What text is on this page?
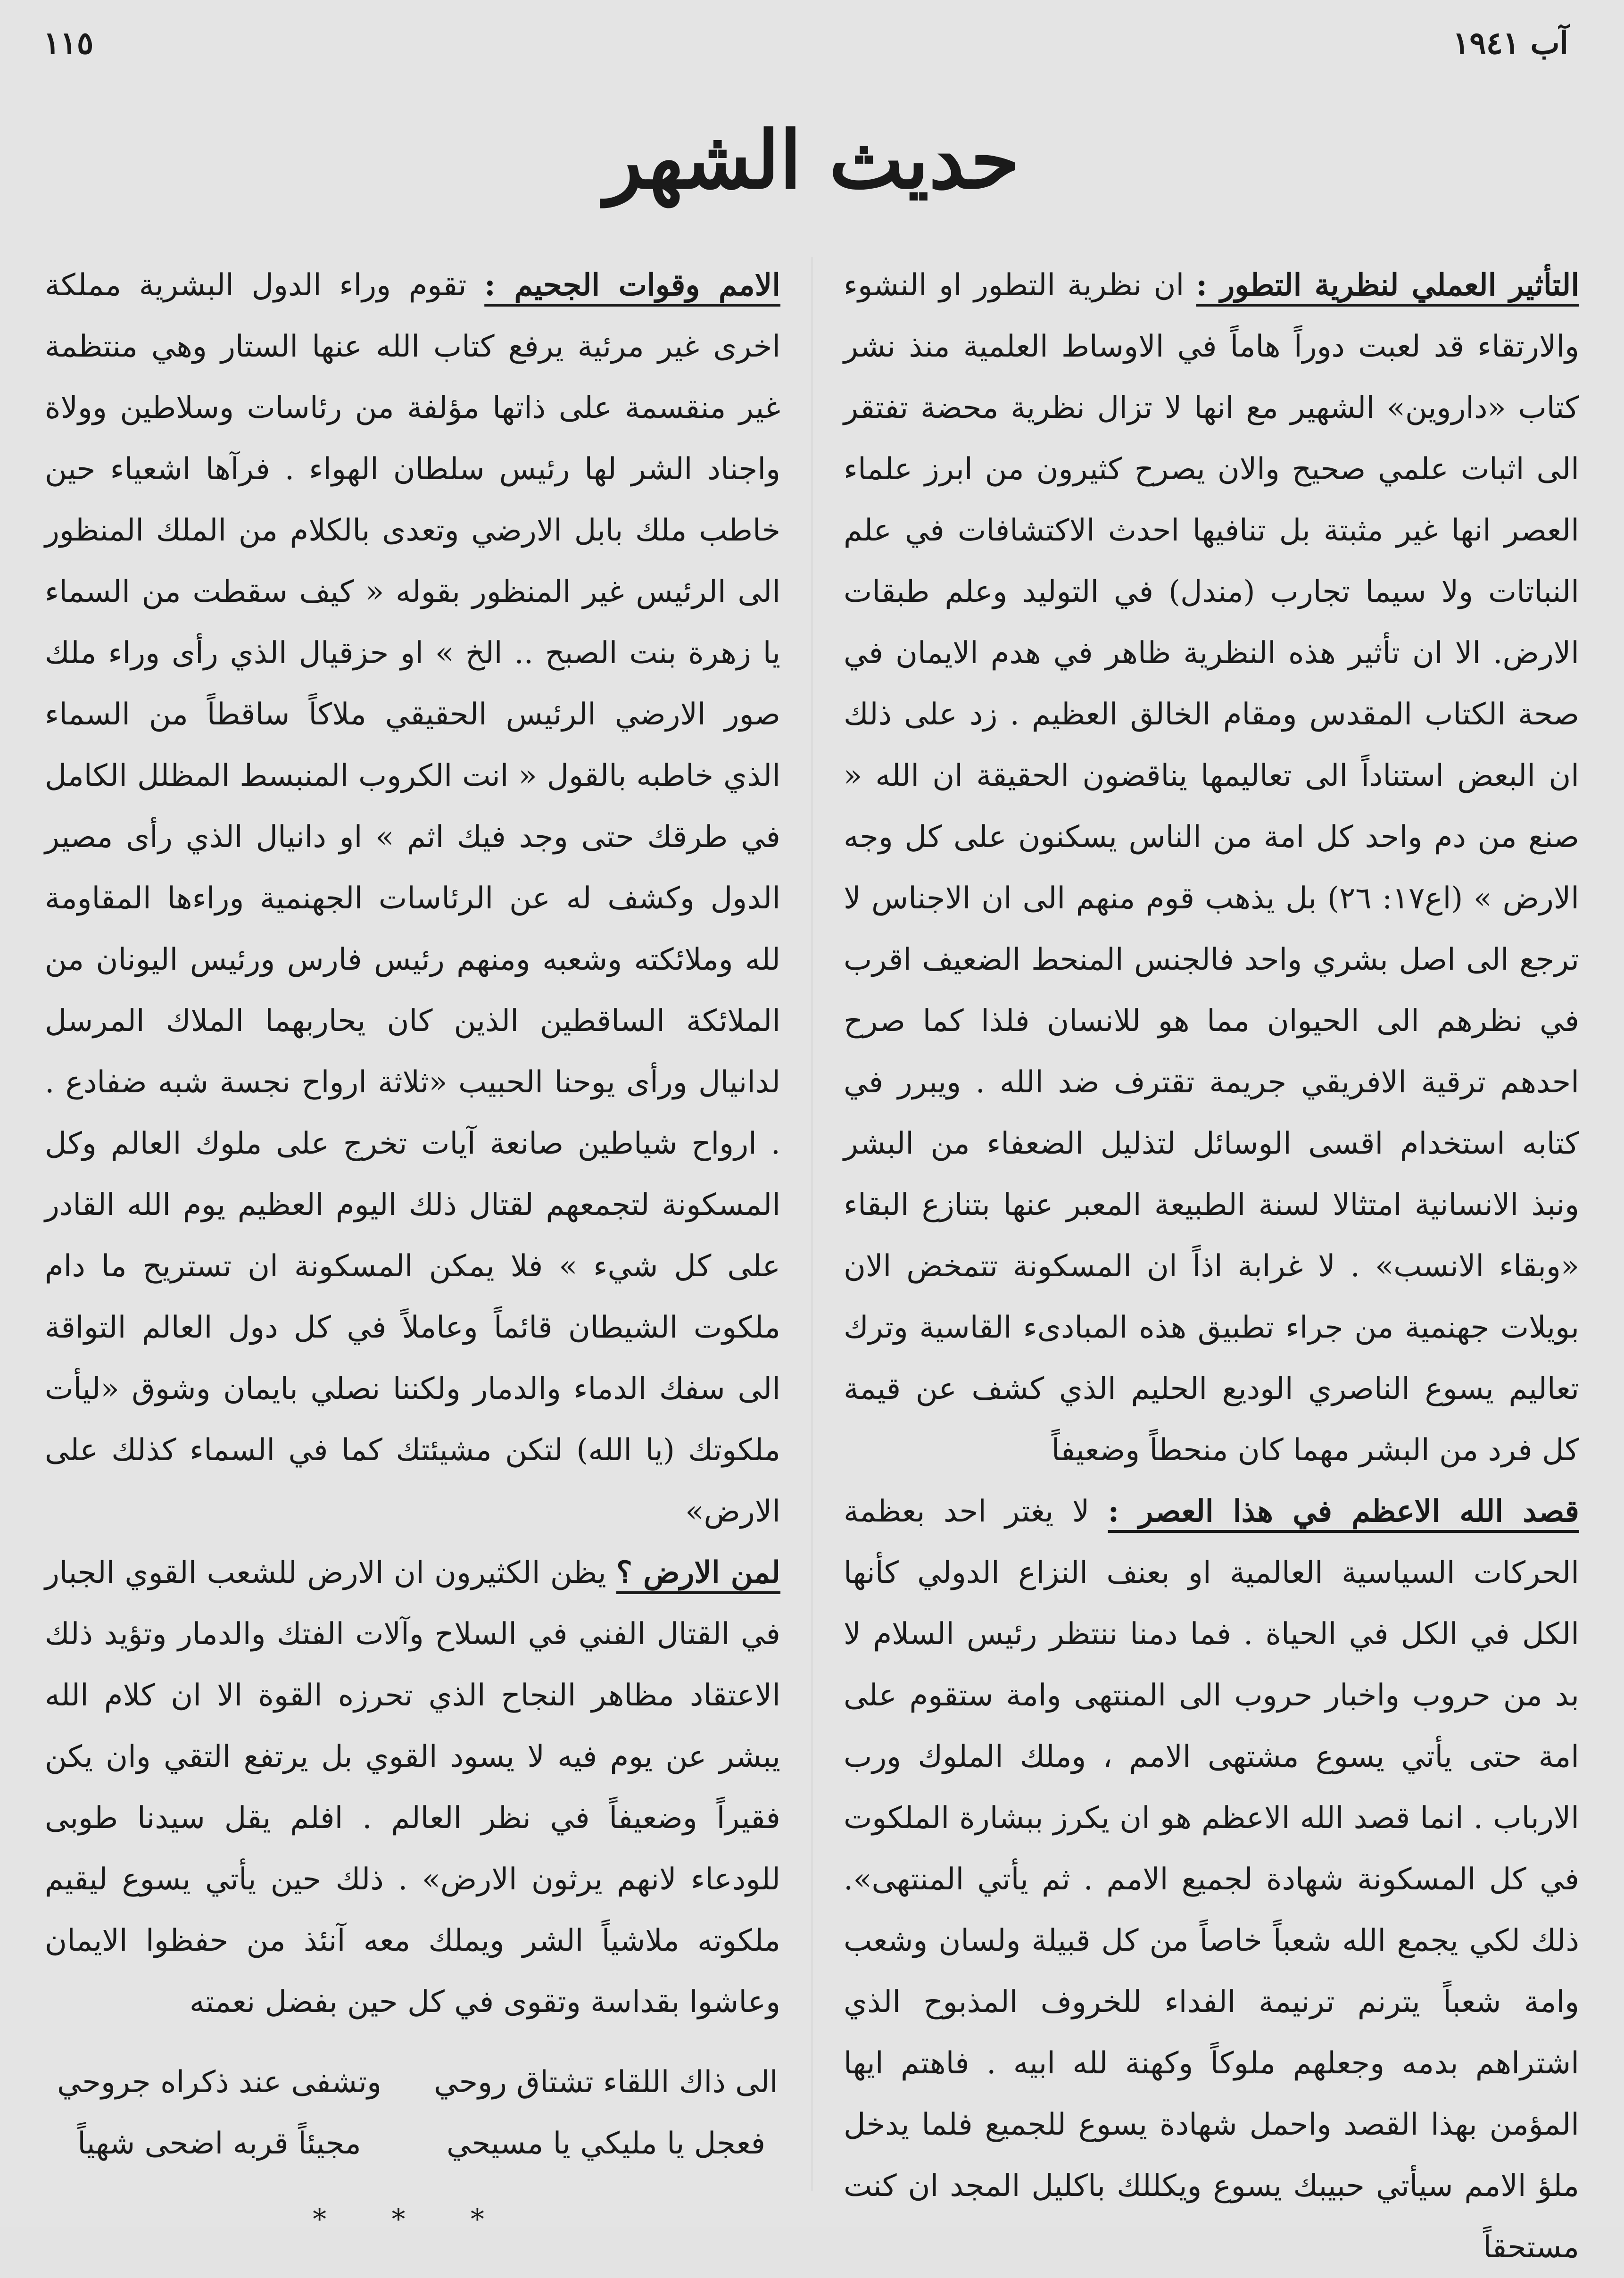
١١٥	آب ١٩٤١
حديث الشهر

التأثير العملي لنظرية التطور : ان نظرية التطور او النشوء والارتقاء قد لعبت دوراً هاماً في الاوساط العلمية منذ نشر كتاب «داروين» الشهير مع انها لا تزال نظرية محضة تفتقر الى اثبات علمي صحيح والان يصرح كثيرون من ابرز علماء العصر انها غير مثبتة بل تنافيها احدث الاكتشافات في علم النباتات ولا سيما تجارب (مندل) في التوليد وعلم طبقات الارض. الا ان تأثير هذه النظرية ظاهر في هدم الايمان في صحة الكتاب المقدس ومقام الخالق العظيم . زد على ذلك ان البعض استناداً الى تعاليمها يناقضون الحقيقة ان الله « صنع من دم واحد كل امة من الناس يسكنون على كل وجه الارض » (اع١٧: ٢٦) بل يذهب قوم منهم الى ان الاجناس لا ترجع الى اصل بشري واحد فالجنس المنحط الضعيف اقرب في نظرهم الى الحيوان مما هو للانسان فلذا كما صرح احدهم ترقية الافريقي جريمة تقترف ضد الله . ويبرر في كتابه استخدام اقسى الوسائل لتذليل الضعفاء من البشر ونبذ الانسانية امتثالا لسنة الطبيعة المعبر عنها بتنازع البقاء «وبقاء الانسب» . لا غرابة اذاً ان المسكونة تتمخض الان بويلات جهنمية من جراء تطبيق هذه المبادىء القاسية وترك تعاليم يسوع الناصري الوديع الحليم الذي كشف عن قيمة كل فرد من البشر مهما كان منحطاً وضعيفاً

قصد الله الاعظم في هذا العصر : لا يغتر احد بعظمة الحركات السياسية العالمية او بعنف النزاع الدولي كأنها الكل في الكل في الحياة . فما دمنا ننتظر رئيس السلام لا بد من حروب واخبار حروب الى المنتهى وامة ستقوم على امة حتى يأتي يسوع مشتهى الامم ، وملك الملوك ورب الارباب . انما قصد الله الاعظم هو ان يكرز ببشارة الملكوت في كل المسكونة شهادة لجميع الامم . ثم يأتي المنتهى». ذلك لكي يجمع الله شعباً خاصاً من كل قبيلة ولسان وشعب وامة شعباً يترنم ترنيمة الفداء للخروف المذبوح الذي اشتراهم بدمه وجعلهم ملوكاً وكهنة لله ابيه . فاهتم ايها المؤمن بهذا القصد واحمل شهادة يسوع للجميع فلما يدخل ملؤ الامم سيأتي حبيبك يسوع ويكللك باكليل المجد ان كنت مستحقاً

الامم وقوات الجحيم : تقوم وراء الدول البشرية مملكة اخرى غير مرئية يرفع كتاب الله عنها الستار وهي منتظمة غير منقسمة على ذاتها مؤلفة من رئاسات وسلاطين وولاة واجناد الشر لها رئيس سلطان الهواء . فرآها اشعياء حين خاطب ملك بابل الارضي وتعدى بالكلام من الملك المنظور الى الرئيس غير المنظور بقوله « كيف سقطت من السماء يا زهرة بنت الصبح .. الخ » او حزقيال الذي رأى وراء ملك صور الارضي الرئيس الحقيقي ملاكاً ساقطاً من السماء الذي خاطبه بالقول « انت الكروب المنبسط المظلل الكامل في طرقك حتى وجد فيك اثم » او دانيال الذي رأى مصير الدول وكشف له عن الرئاسات الجهنمية وراءها المقاومة لله وملائكته وشعبه ومنهم رئيس فارس ورئيس اليونان من الملائكة الساقطين الذين كان يحاربهما الملاك المرسل لدانيال ورأى يوحنا الحبيب «ثلاثة ارواح نجسة شبه ضفادع . . ارواح شياطين صانعة آيات تخرج على ملوك العالم وكل المسكونة لتجمعهم لقتال ذلك اليوم العظيم يوم الله القادر على كل شيء » فلا يمكن المسكونة ان تستريح ما دام ملكوت الشيطان قائماً وعاملاً في كل دول العالم التواقة الى سفك الدماء والدمار ولكننا نصلي بايمان وشوق «ليأت ملكوتك (يا الله) لتكن مشيئتك كما في السماء كذلك على الارض»

لمن الارض ؟ يظن الكثيرون ان الارض للشعب القوي الجبار في القتال الفني في السلاح وآلات الفتك والدمار وتؤيد ذلك الاعتقاد مظاهر النجاح الذي تحرزه القوة الا ان كلام الله يبشر عن يوم فيه لا يسود القوي بل يرتفع التقي وان يكن فقيراً وضعيفاً في نظر العالم . افلم يقل سيدنا طوبى للودعاء لانهم يرثون الارض» . ذلك حين يأتي يسوع ليقيم ملكوته ملاشياً الشر ويملك معه آنئذ من حفظوا الايمان وعاشوا بقداسة وتقوى في كل حين بفضل نعمته

الى ذاك اللقاء تشتاق روحي
وتشفى عند ذكراه جروحي
فعجل يا مليكي يا مسيحي
مجيئاً قربه اضحى شهياً
* * *
